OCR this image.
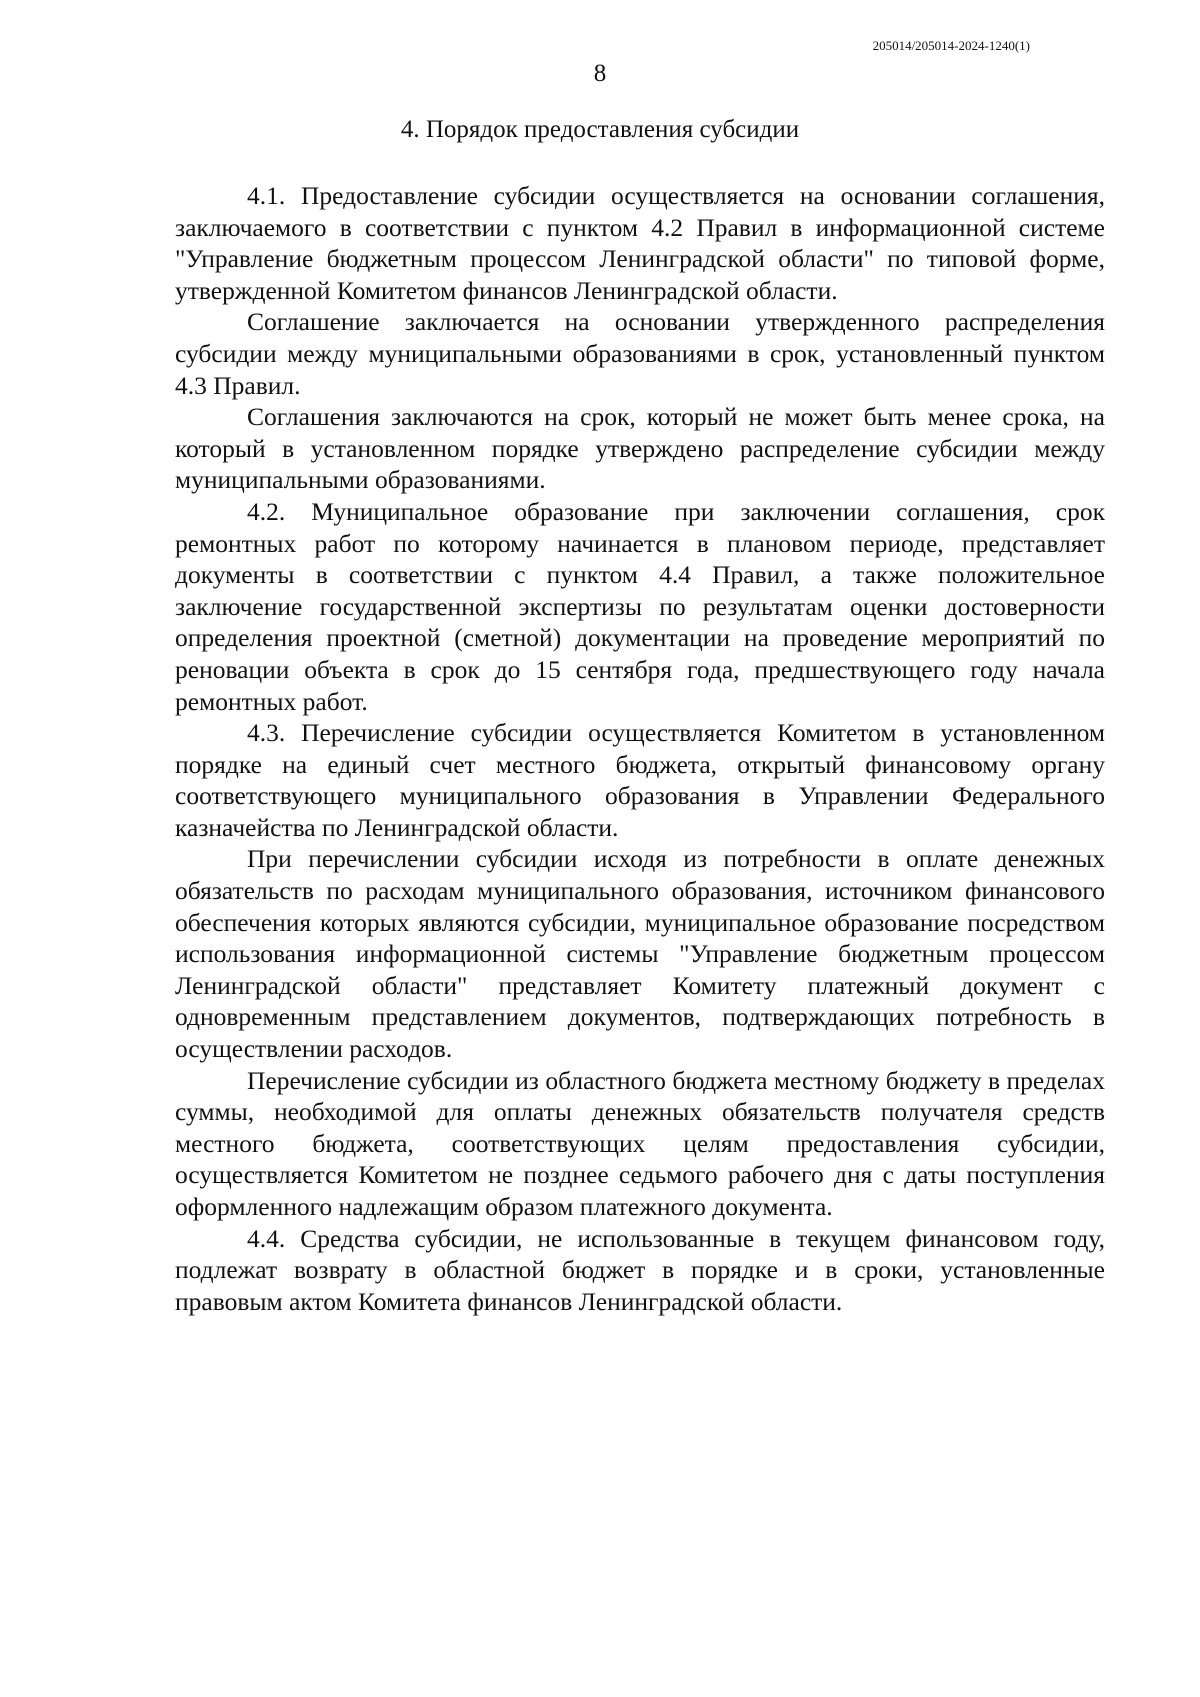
205014/205014-2024-1240(1)
8
4. Порядок предоставления субсидии

4.1. Предоставление субсидии осуществляется на основании соглашения, заключаемого в соответствии с пунктом 4.2 Правил в информационной системе "Управление бюджетным процессом Ленинградской области" по типовой форме, утвержденной Комитетом финансов Ленинградской области.

Соглашение заключается на основании утвержденного распределения субсидии между муниципальными образованиями в срок, установленный пунктом 4.3 Правил.

Соглашения заключаются на срок, который не может быть менее срока, на который в установленном порядке утверждено распределение субсидии между муниципальными образованиями.

4.2. Муниципальное образование при заключении соглашения, срок ремонтных работ по которому начинается в плановом периоде, представляет документы в соответствии с пунктом 4.4 Правил, а также положительное заключение государственной экспертизы по результатам оценки достоверности определения проектной (сметной) документации на проведение мероприятий по реновации объекта в срок до 15 сентября года, предшествующего году начала ремонтных работ.

4.3. Перечисление субсидии осуществляется Комитетом в установленном порядке на единый счет местного бюджета, открытый финансовому органу соответствующего муниципального образования в Управлении Федерального казначейства по Ленинградской области.

При перечислении субсидии исходя из потребности в оплате денежных обязательств по расходам муниципального образования, источником финансового обеспечения которых являются субсидии, муниципальное образование посредством использования информационной системы "Управление бюджетным процессом Ленинградской области" представляет Комитету платежный документ с одновременным представлением документов, подтверждающих потребность в осуществлении расходов.

Перечисление субсидии из областного бюджета местному бюджету в пределах суммы, необходимой для оплаты денежных обязательств получателя средств местного бюджета, соответствующих целям предоставления субсидии, осуществляется Комитетом не позднее седьмого рабочего дня с даты поступления оформленного надлежащим образом платежного документа.

4.4. Средства субсидии, не использованные в текущем финансовом году, подлежат возврату в областной бюджет в порядке и в сроки, установленные правовым актом Комитета финансов Ленинградской области.
